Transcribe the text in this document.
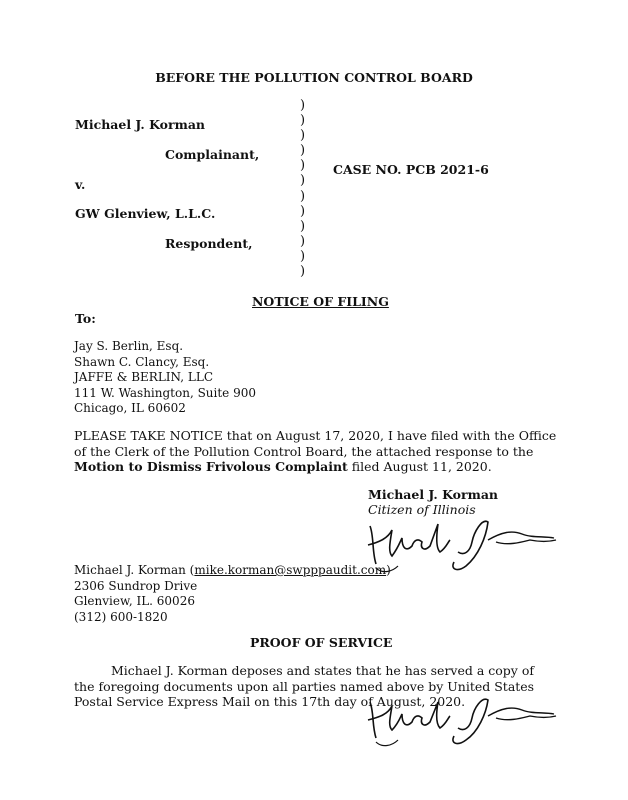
BEFORE THE POLLUTION CONTROL BOARD
Michael J. Korman
Complainant,
v.
GW Glenview, L.L.C.
Respondent,
)
)
)
)
)
)
)
)
)
)
)
)
CASE NO. PCB 2021-6
NOTICE OF FILING
To:
Jay S. Berlin, Esq.
Shawn C. Clancy, Esq.
JAFFE & BERLIN, LLC
111 W. Washington, Suite 900
Chicago, IL 60602
PLEASE TAKE NOTICE that on August 17, 2020, I have filed with the Office of the Clerk of the Pollution Control Board, the attached response to the Motion to Dismiss Frivolous Complaint filed August 11, 2020.
Michael J. Korman
Citizen of Illinois
Michael J. Korman (mike.korman@swpppaudit.com)
2306 Sundrop Drive
Glenview, IL. 60026
(312) 600-1820
PROOF OF SERVICE
Michael J. Korman deposes and states that he has served a copy of the foregoing documents upon all parties named above by United States Postal Service Express Mail on this 17th day of August, 2020.
